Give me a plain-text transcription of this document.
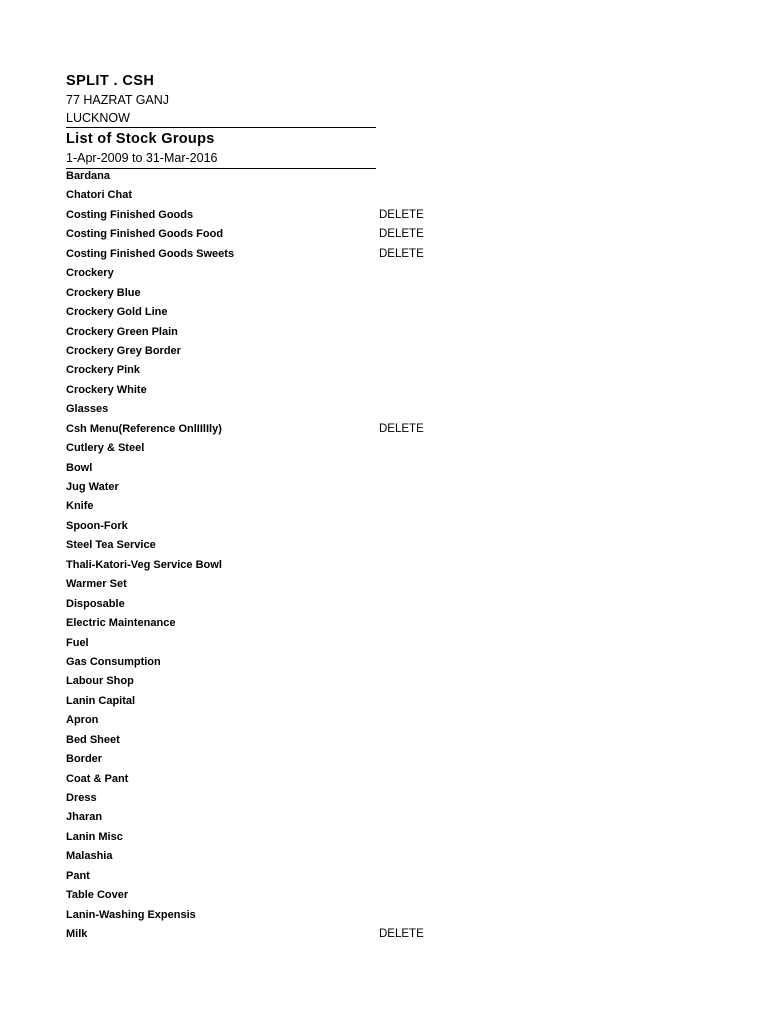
SPLIT . CSH
77 HAZRAT GANJ
LUCKNOW
List of Stock Groups
1-Apr-2009 to 31-Mar-2016
Bardana
Chatori Chat
Costing Finished Goods	DELETE
Costing Finished Goods Food	DELETE
Costing Finished Goods Sweets	DELETE
Crockery
Crockery Blue
Crockery Gold Line
Crockery Green Plain
Crockery Grey Border
Crockery Pink
Crockery White
Glasses
Csh Menu(Reference OnlIIlIly)	DELETE
Cutlery & Steel
Bowl
Jug Water
Knife
Spoon-Fork
Steel Tea Service
Thali-Katori-Veg Service Bowl
Warmer Set
Disposable
Electric Maintenance
Fuel
Gas Consumption
Labour Shop
Lanin Capital
Apron
Bed Sheet
Border
Coat & Pant
Dress
Jharan
Lanin Misc
Malashia
Pant
Table Cover
Lanin-Washing Expensis
Milk	DELETE
